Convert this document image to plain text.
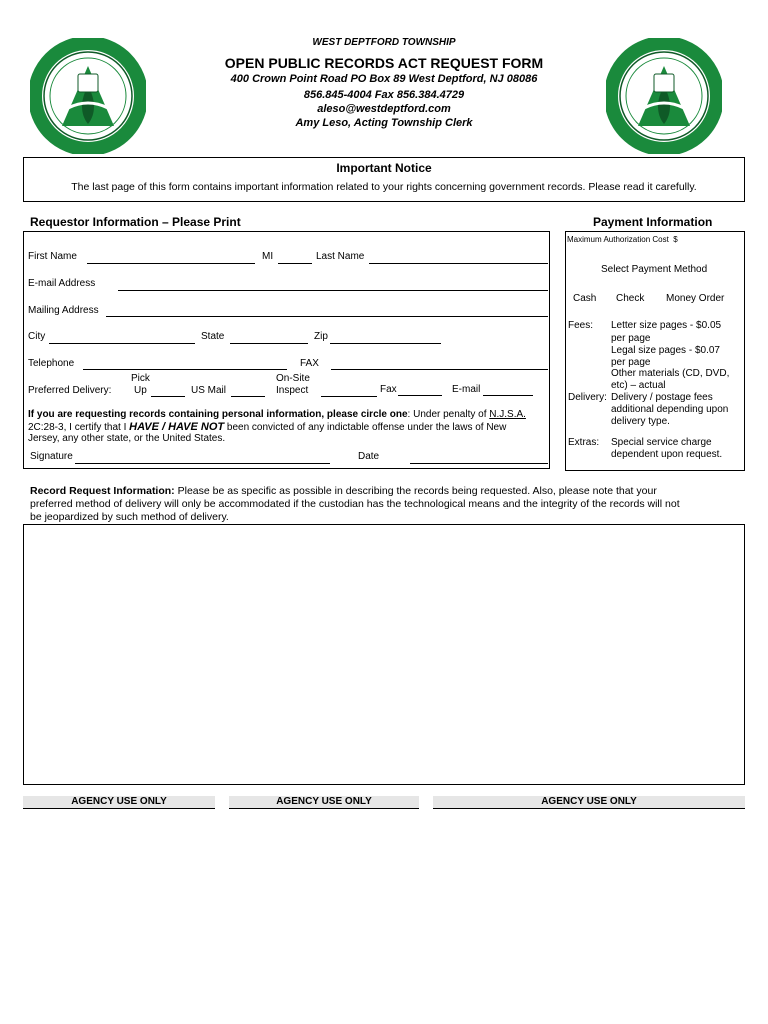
WEST DEPTFORD TOWNSHIP
OPEN PUBLIC RECORDS ACT REQUEST FORM
400 Crown Point Road PO Box 89 West Deptford, NJ 08086
856.845-4004 Fax 856.384.4729
aleso@westdeptford.com
Amy Leso, Acting Township Clerk
Important Notice
The last page of this form contains important information related to your rights concerning government records. Please read it carefully.
Requestor Information – Please Print	Payment Information
First Name	MI	Last Name
E-mail Address
Mailing Address
City	State	Zip
Telephone	FAX
Preferred Delivery:
Pick
Up	US Mail
On-Site
Inspect	Fax	E-mail
If you are requesting records containing personal information, please circle one: Under penalty of N.J.S.A.
2C:28-3, I certify that I HAVE / HAVE NOT been convicted of any indictable offense under the laws of New
Jersey, any other state, or the United States.
Signature	Date
Maximum Authorization Cost $
Select Payment Method
Cash Check Money Order
Fees: Letter size pages - $0.05
per page
Legal size pages - $0.07
per page
Other materials (CD, DVD,
etc) – actual
Delivery: Delivery / postage fees
additional depending upon
delivery type.
Extras: Special service charge
dependent upon request.
Record Request Information: Please be as specific as possible in describing the records being requested. Also, please note that your
preferred method of delivery will only be accommodated if the custodian has the technological means and the integrity of the records will not
be jeopardized by such method of delivery.
AGENCY USE ONLY	AGENCY USE ONLY	AGENCY USE ONLY
